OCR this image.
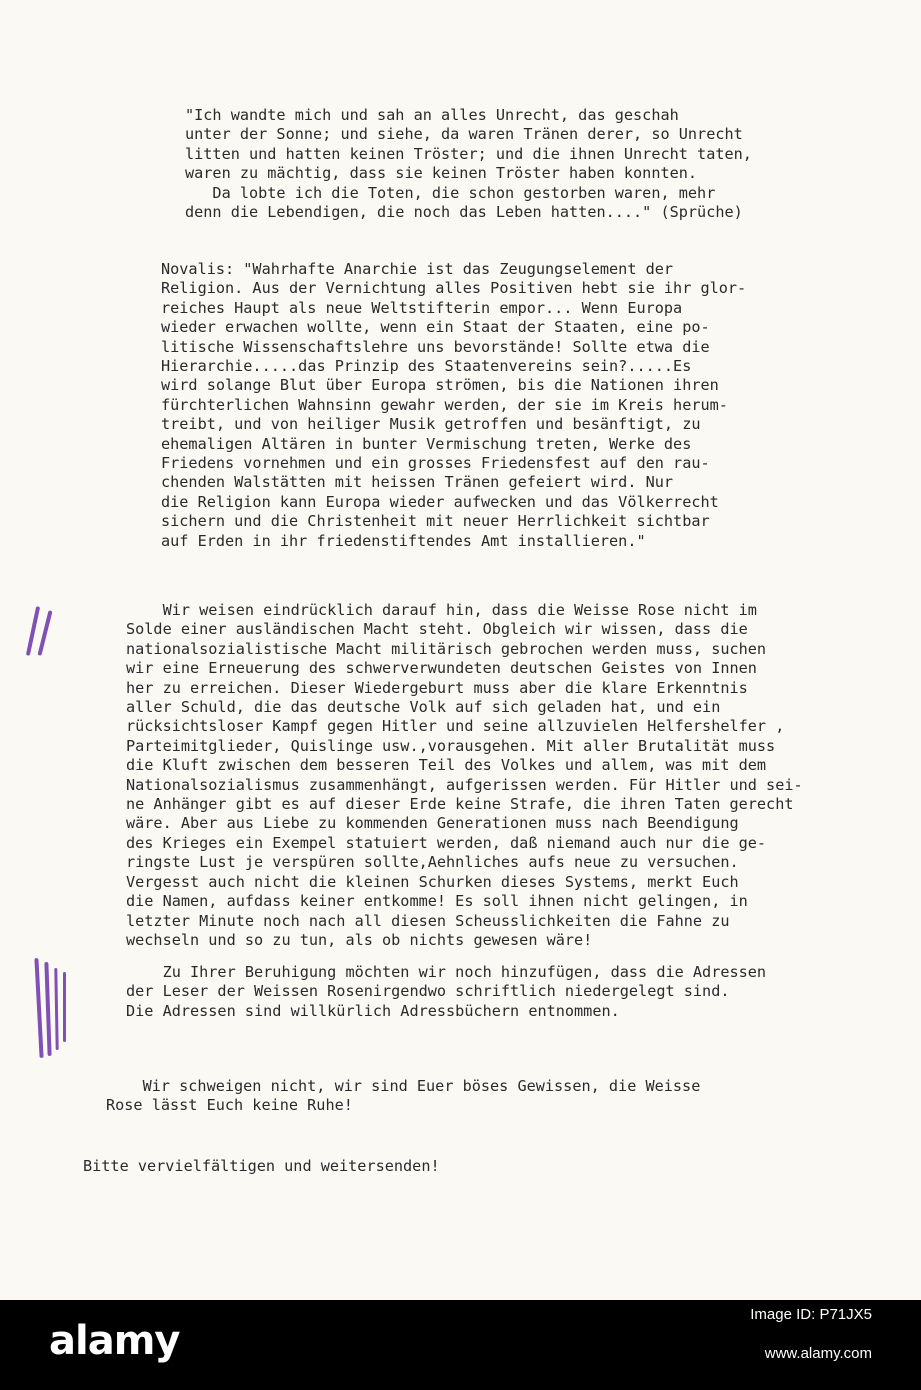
"Ich wandte mich und sah an alles Unrecht, das geschah
unter der Sonne; und siehe, da waren Tränen derer, so Unrecht
litten und hatten keinen Tröster; und die ihnen Unrecht taten,
waren zu mächtig, dass sie keinen Tröster haben konnten.
Da lobte ich die Toten, die schon gestorben waren, mehr
denn die Lebendigen, die noch das Leben hatten...." (Sprüche)
Novalis: "Wahrhafte Anarchie ist das Zeugungselement der
Religion. Aus der Vernichtung alles Positiven hebt sie ihr glor-
reiches Haupt als neue Weltstifterin empor... Wenn Europa
wieder erwachen wollte, wenn ein Staat der Staaten, eine po-
litische Wissenschaftslehre uns bevorstände! Sollte etwa die
Hierarchie.....das Prinzip des Staatenvereins sein?.....Es
wird solange Blut über Europa strömen, bis die Nationen ihren
fürchterlichen Wahnsinn gewahr werden, der sie im Kreis herum-
treibt, und von heiliger Musik getroffen und besänftigt, zu
ehemaligen Altären in bunter Vermischung treten, Werke des
Friedens vornehmen und ein grosses Friedensfest auf den rau-
chenden Walstätten mit heissen Tränen gefeiert wird. Nur
die Religion kann Europa wieder aufwecken und das Völkerrecht
sichern und die Christenheit mit neuer Herrlichkeit sichtbar
auf Erden in ihr friedenstiftendes Amt installieren."
Wir weisen eindrücklich darauf hin, dass die Weisse Rose nicht im
Solde einer ausländischen Macht steht. Obgleich wir wissen, dass die
nationalsozialistische Macht militärisch gebrochen werden muss, suchen
wir eine Erneuerung des schwerverwundeten deutschen Geistes von Innen
her zu erreichen. Dieser Wiedergeburt muss aber die klare Erkenntnis
aller Schuld, die das deutsche Volk auf sich geladen hat, und ein
rücksichtsloser Kampf gegen Hitler und seine allzuvielen Helfershelfer ,
Parteimitglieder, Quislinge usw.,vorausgehen. Mit aller Brutalität muss
die Kluft zwischen dem besseren Teil des Volkes und allem, was mit dem
Nationalsozialismus zusammenhängt, aufgerissen werden. Für Hitler und sei-
ne Anhänger gibt es auf dieser Erde keine Strafe, die ihren Taten gerecht
wäre. Aber aus Liebe zu kommenden Generationen muss nach Beendigung
des Krieges ein Exempel statuiert werden, daß niemand auch nur die ge-
ringste Lust je verspüren sollte,Aehnliches aufs neue zu versuchen.
Vergesst auch nicht die kleinen Schurken dieses Systems, merkt Euch
die Namen, aufdass keiner entkomme! Es soll ihnen nicht gelingen, in
letzter Minute noch nach all diesen Scheusslichkeiten die Fahne zu
wechseln und so zu tun, als ob nichts gewesen wäre!
Zu Ihrer Beruhigung möchten wir noch hinzufügen, dass die Adressen
der Leser der Weissen Rosenirgendwo schriftlich niedergelegt sind.
Die Adressen sind willkürlich Adressbüchern entnommen.
Wir schweigen nicht, wir sind Euer böses Gewissen, die Weisse
Rose lässt Euch keine Ruhe!
Bitte vervielfältigen und weitersenden!
alamy
Image ID: P71JX5
www.alamy.com
